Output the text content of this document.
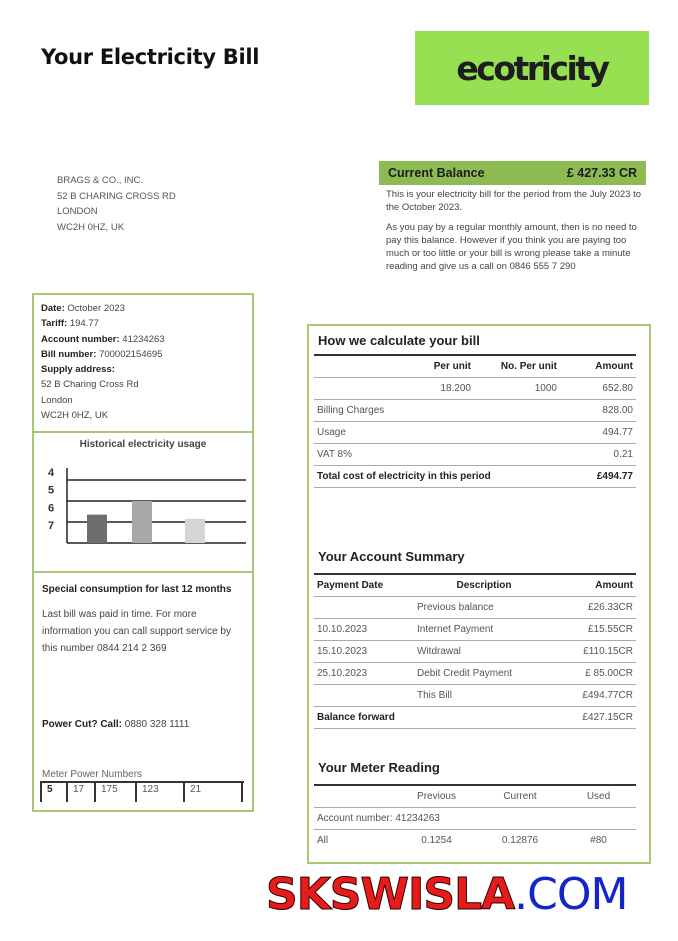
Your Electricity Bill	ecotricity
BRAGS & CO., INC.
52 B CHARING CROSS RD
LONDON
WC2H 0HZ, UK
Current Balance	£ 427.33 CR

This is your electricity bill for the period from the July 2023 to the October 2023.

As you pay by a regular monthly amount, then is no need to pay this balance. However if you think you are paying too much or too little or your bill is wrong please take a minute reading and give us a call on 0846 555 7 290

Date: October 2023
Tariff: 194.77
Account number: 41234263
Bill number: 700002154695
Supply address:
52 B Charing Cross Rd
London
WC2H 0HZ, UK
Historical electricity usage
4
5
6
7
Special consumption for last 12 months
Last bill was paid in time. For more information you can call support service by this number 0844 214 2 369
Power Cut? Call: 0880 328 1111
Meter Power Numbers
5	17	175	123	21
How we calculate your bill
	Per unit	No. Per unit	Amount
	18.200	1000	652.80
Billing Charges			828.00
Usage			494.77
VAT 8%			0.21
Total cost of electricity in this period			£494.77
Your Account Summary
Payment Date	Description	Amount
	Previous balance	£26.33CR
10.10.2023	Internet Payment	£15.55CR
15.10.2023	Witdrawal	£110.15CR
25.10.2023	Debit Credit Payment	£ 85.00CR
	This Bill	£494.77CR
Balance forward		£427.15CR
Your Meter Reading
	Previous	Current	Used
Account number: 41234263			
All	0.1254	0.12876	#80
SKSWISLA.COM
